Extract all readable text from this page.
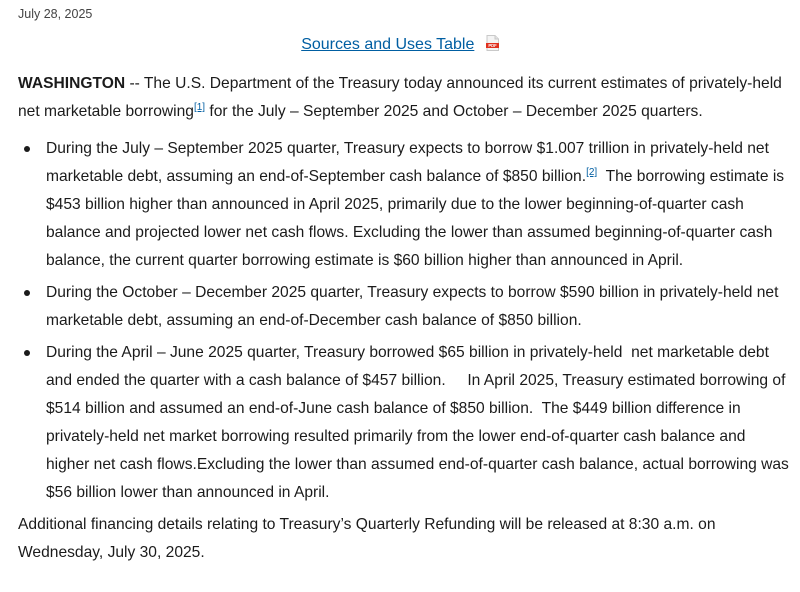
July 28, 2025
Sources and Uses Table	PDF

WASHINGTON -- The U.S. Department of the Treasury today announced its current estimates of privately-held net marketable borrowing[1] for the July – September 2025 and October – December 2025 quarters.

During the July – September 2025 quarter, Treasury expects to borrow $1.007 trillion in privately-held net marketable debt, assuming an end-of-September cash balance of $850 billion.[2]  The borrowing estimate is $453 billion higher than announced in April 2025, primarily due to the lower beginning-of-quarter cash balance and projected lower net cash flows. Excluding the lower than assumed beginning-of-quarter cash balance, the current quarter borrowing estimate is $60 billion higher than announced in April.
During the October – December 2025 quarter, Treasury expects to borrow $590 billion in privately-held net marketable debt, assuming an end-of-December cash balance of $850 billion.
During the April – June 2025 quarter, Treasury borrowed $65 billion in privately-held  net marketable debt and ended the quarter with a cash balance of $457 billion.     In April 2025, Treasury estimated borrowing of $514 billion and assumed an end-of-June cash balance of $850 billion.  The $449 billion difference in privately-held net market borrowing resulted primarily from the lower end-of-quarter cash balance and higher net cash flows.Excluding the lower than assumed end-of-quarter cash balance, actual borrowing was $56 billion lower than announced in April.

Additional financing details relating to Treasury’s Quarterly Refunding will be released at 8:30 a.m. on Wednesday, July 30, 2025.
